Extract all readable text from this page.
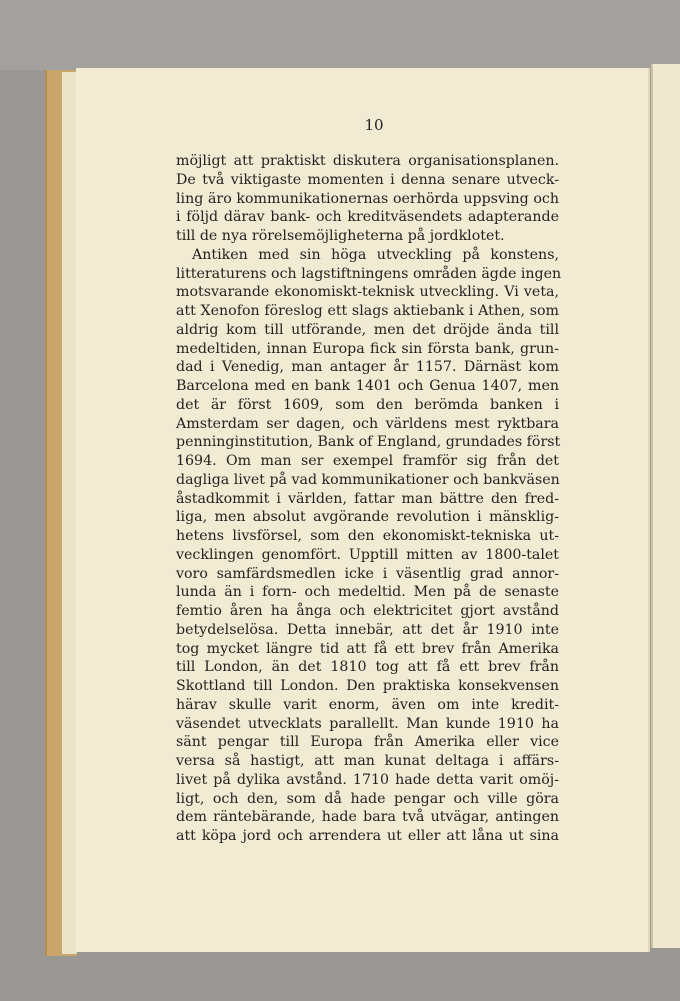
10
möjligt att praktiskt diskutera organisationsplanen.
De två viktigaste momenten i denna senare utveck-
ling äro kommunikationernas oerhörda uppsving och
i följd därav bank- och kreditväsendets adapterande
till de nya rörelsemöjligheterna på jordklotet.
Antiken med sin höga utveckling på konstens,
litteraturens och lagstiftningens områden ägde ingen
motsvarande ekonomiskt-teknisk utveckling. Vi veta,
att Xenofon föreslog ett slags aktiebank i Athen, som
aldrig kom till utförande, men det dröjde ända till
medeltiden, innan Europa fick sin första bank, grun-
dad i Venedig, man antager år 1157. Därnäst kom
Barcelona med en bank 1401 och Genua 1407, men
det är först 1609, som den berömda banken i
Amsterdam ser dagen, och världens mest ryktbara
penninginstitution, Bank of England, grundades först
1694. Om man ser exempel framför sig från det
dagliga livet på vad kommunikationer och bankväsen
åstadkommit i världen, fattar man bättre den fred-
liga, men absolut avgörande revolution i mänsklig-
hetens livsförsel, som den ekonomiskt-tekniska ut-
vecklingen genomfört. Upptill mitten av 1800-talet
voro samfärdsmedlen icke i väsentlig grad annor-
lunda än i forn- och medeltid. Men på de senaste
femtio åren ha ånga och elektricitet gjort avstånd
betydelselösa. Detta innebär, att det år 1910 inte
tog mycket längre tid att få ett brev från Amerika
till London, än det 1810 tog att få ett brev från
Skottland till London. Den praktiska konsekvensen
härav skulle varit enorm, även om inte kredit-
väsendet utvecklats parallellt. Man kunde 1910 ha
sänt pengar till Europa från Amerika eller vice
versa så hastigt, att man kunat deltaga i affärs-
livet på dylika avstånd. 1710 hade detta varit omöj-
ligt, och den, som då hade pengar och ville göra
dem räntebärande, hade bara två utvägar, antingen
att köpa jord och arrendera ut eller att låna ut sina
